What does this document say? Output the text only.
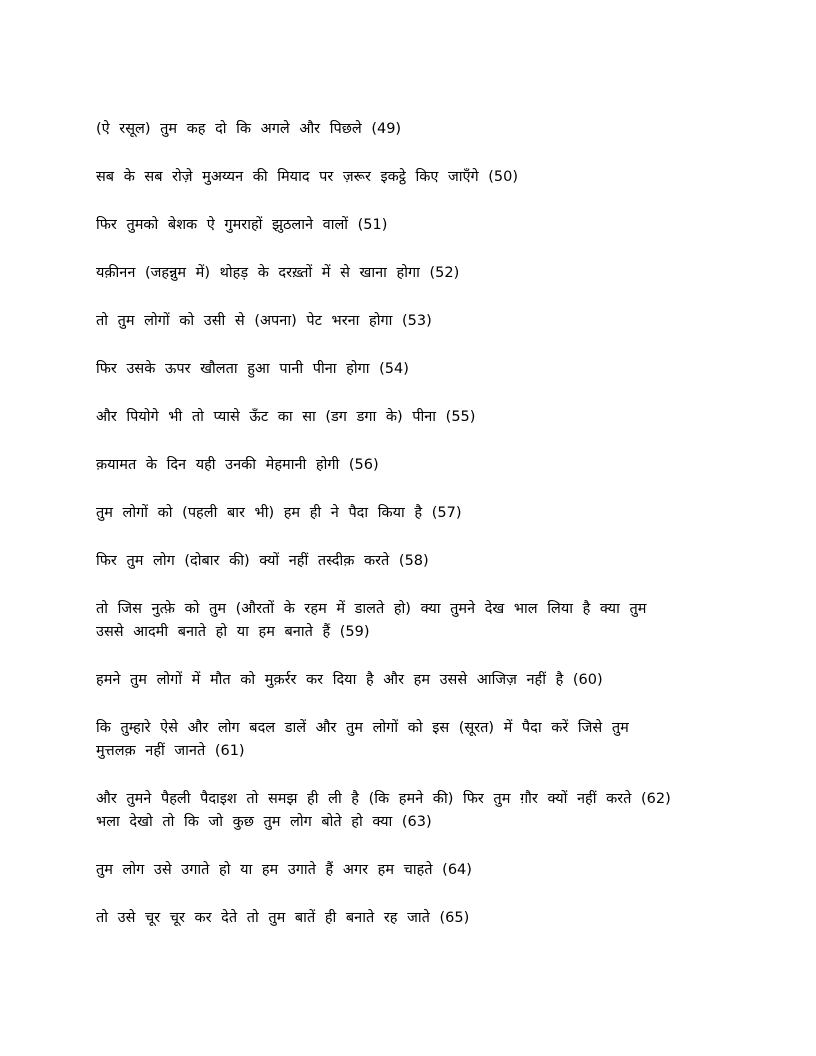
(ऐ रसूल) तुम कह दो कि अगले और पिछले (49)

सब के सब रोज़े मुअय्यन की मियाद पर ज़रूर इकट्ठे किए जाएँगे (50)

फिर तुमको बेशक ऐ गुमराहों झुठलाने वालों (51)

यक़ीनन (जहन्नुम में) थोहड़ के दरख़्तों में से खाना होगा (52)

तो तुम लोगों को उसी से (अपना) पेट भरना होगा (53)

फिर उसके ऊपर खौलता हुआ पानी पीना होगा (54)

और पियोगे भी तो प्यासे ऊँट का सा (डग डगा के) पीना (55)

क़यामत के दिन यही उनकी मेहमानी होगी (56)

तुम लोगों को (पहली बार भी) हम ही ने पैदा किया है (57)

फिर तुम लोग (दोबार की) क्यों नहीं तस्दीक़ करते (58)

तो जिस नुत्फ़े को तुम (औरतों के रहम में डालते हो) क्या तुमने देख भाल लिया है क्या तुम
उससे आदमी बनाते हो या हम बनाते हैं (59)

हमने तुम लोगों में मौत को मुक़र्रर कर दिया है और हम उससे आजिज़ नहीं है (60)

कि तुम्हारे ऐसे और लोग बदल डालें और तुम लोगों को इस (सूरत) में पैदा करें जिसे तुम
मुत्तलक़ नहीं जानते (61)

और तुमने पैहली पैदाइश तो समझ ही ली है (कि हमने की) फिर तुम ग़ौर क्यों नहीं करते (62)
भला देखो तो कि जो कुछ तुम लोग बोते हो क्या (63)

तुम लोग उसे उगाते हो या हम उगाते हैं अगर हम चाहते (64)

तो उसे चूर चूर कर देते तो तुम बातें ही बनाते रह जाते (65)
